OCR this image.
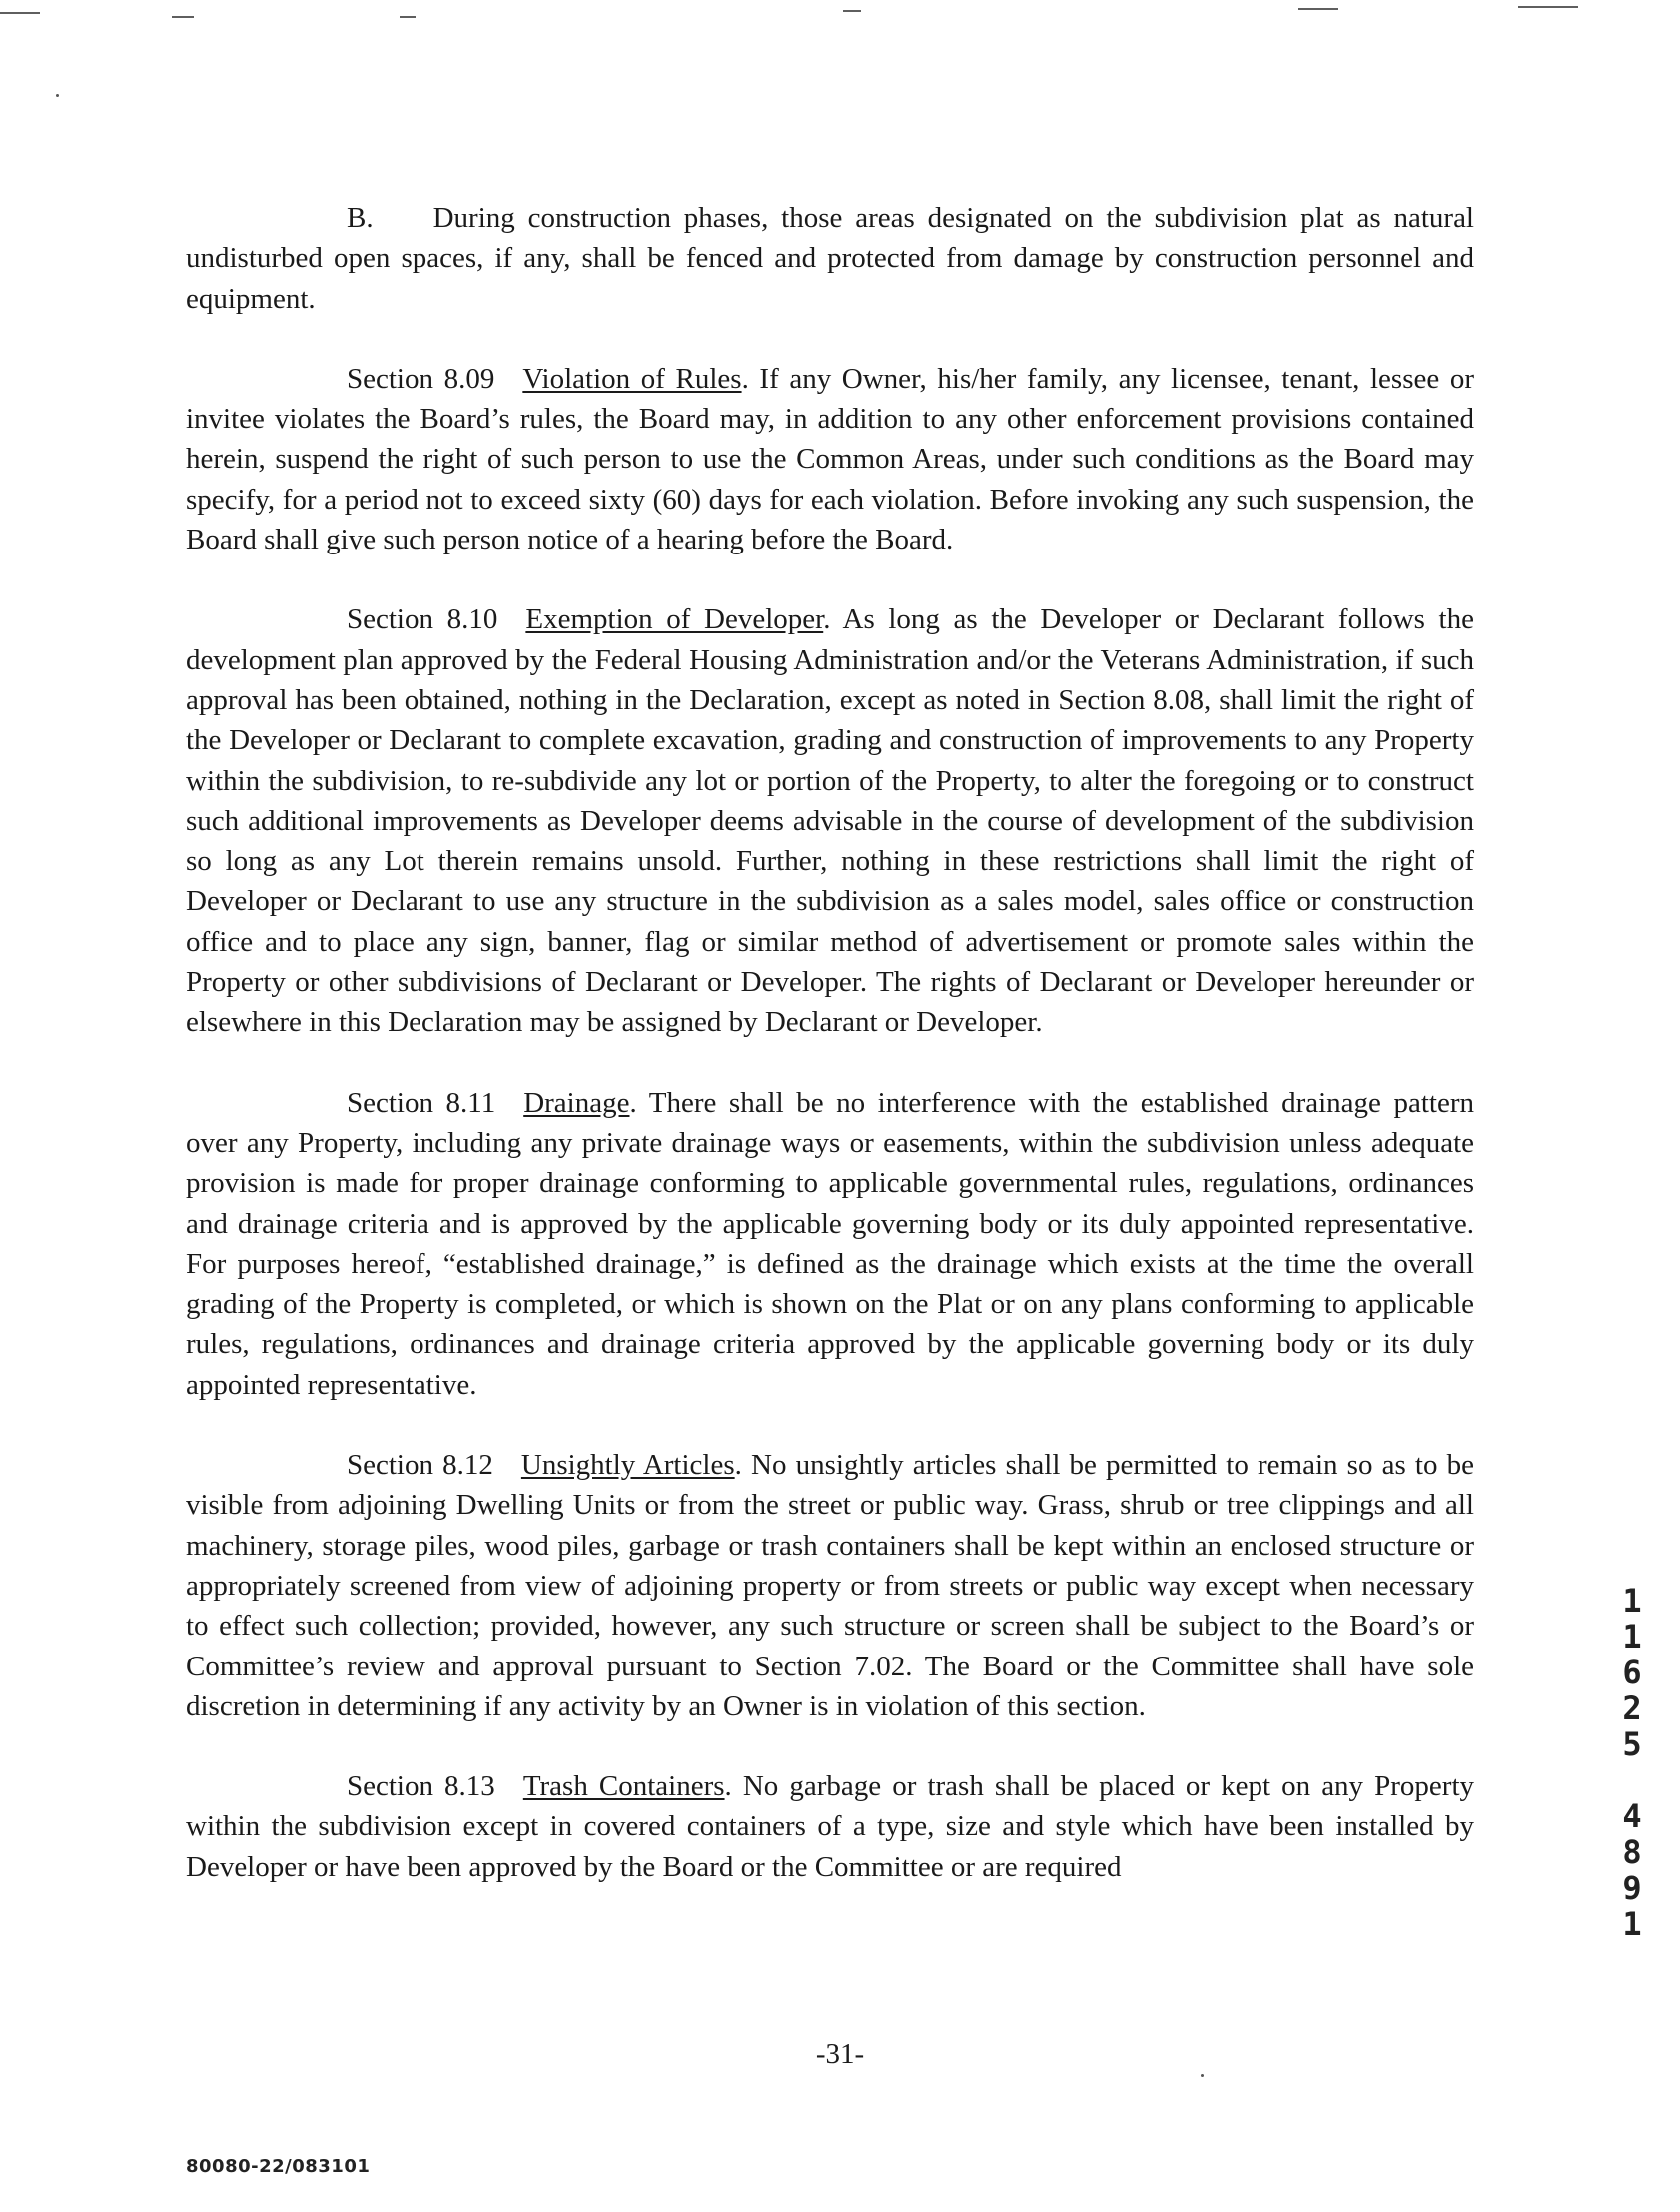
B. During construction phases, those areas designated on the subdivision plat as natural undisturbed open spaces, if any, shall be fenced and protected from damage by construction personnel and equipment.

Section 8.09 Violation of Rules. If any Owner, his/her family, any licensee, tenant, lessee or invitee violates the Board’s rules, the Board may, in addition to any other enforcement provisions contained herein, suspend the right of such person to use the Common Areas, under such conditions as the Board may specify, for a period not to exceed sixty (60) days for each violation. Before invoking any such suspension, the Board shall give such person notice of a hearing before the Board.

Section 8.10 Exemption of Developer. As long as the Developer or Declarant follows the development plan approved by the Federal Housing Administration and/or the Veterans Administration, if such approval has been obtained, nothing in the Declaration, except as noted in Section 8.08, shall limit the right of the Developer or Declarant to complete excavation, grading and construction of improvements to any Property within the subdivision, to re-subdivide any lot or portion of the Property, to alter the foregoing or to construct such additional improvements as Developer deems advisable in the course of development of the subdivision so long as any Lot therein remains unsold. Further, nothing in these restrictions shall limit the right of Developer or Declarant to use any structure in the subdivision as a sales model, sales office or construction office and to place any sign, banner, flag or similar method of advertisement or promote sales within the Property or other subdivisions of Declarant or Developer. The rights of Declarant or Developer hereunder or elsewhere in this Declaration may be assigned by Declarant or Developer.

Section 8.11 Drainage. There shall be no interference with the established drainage pattern over any Property, including any private drainage ways or easements, within the subdivision unless adequate provision is made for proper drainage conforming to applicable governmental rules, regulations, ordinances and drainage criteria and is approved by the applicable governing body or its duly appointed representative. For purposes hereof, “established drainage,” is defined as the drainage which exists at the time the overall grading of the Property is completed, or which is shown on the Plat or on any plans conforming to applicable rules, regulations, ordinances and drainage criteria approved by the applicable governing body or its duly appointed representative.

Section 8.12 Unsightly Articles. No unsightly articles shall be permitted to remain so as to be visible from adjoining Dwelling Units or from the street or public way. Grass, shrub or tree clippings and all machinery, storage piles, wood piles, garbage or trash containers shall be kept within an enclosed structure or appropriately screened from view of adjoining property or from streets or public way except when necessary to effect such collection; provided, however, any such structure or screen shall be subject to the Board’s or Committee’s review and approval pursuant to Section 7.02. The Board or the Committee shall have sole discretion in determining if any activity by an Owner is in violation of this section.

Section 8.13 Trash Containers. No garbage or trash shall be placed or kept on any Property within the subdivision except in covered containers of a type, size and style which have been installed by Developer or have been approved by the Board or the Committee or are required

1
1
6
2
5
4
8
9
1
-31-
80080-22/083101
